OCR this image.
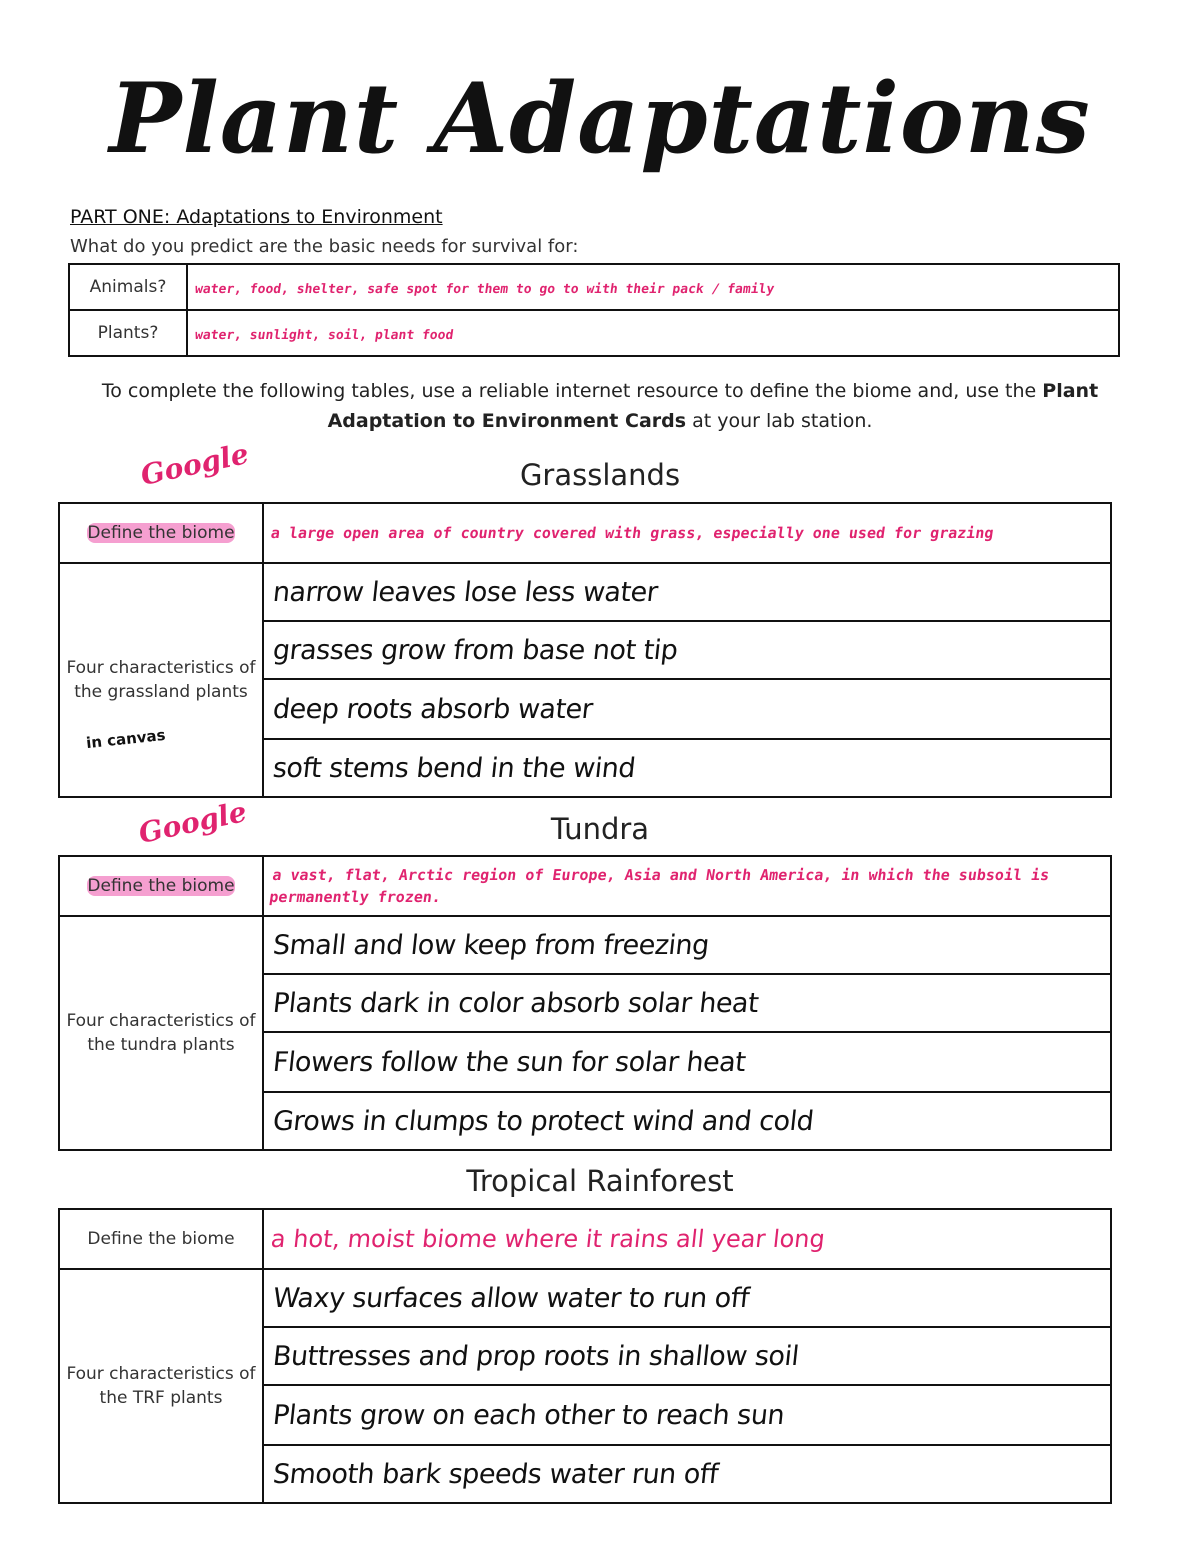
Plant Adaptations
PART ONE: Adaptations to Environment
What do you predict are the basic needs for survival for:
Animals?	water, food, shelter, safe spot for them to go to with their pack / family
Plants?	water, sunlight, soil, plant food
To complete the following tables, use a reliable internet resource to define the biome and, use the Plant Adaptation to Environment Cards at your lab station.
Google	Grasslands
Define the biome	a large open area of country covered with grass, especially one used for grazing
Four characteristics of the grassland plants	narrow leaves lose less water
	grasses grow from base not tip
	deep roots absorb water
	soft stems bend in the wind
in canvas
Google	Tundra
Define the biome	a vast, flat, Arctic region of Europe, Asia and North America, in which the subsoil is permanently frozen.
Four characteristics of the tundra plants	Small and low keep from freezing
	Plants dark in color absorb solar heat
	Flowers follow the sun for solar heat
	Grows in clumps to protect wind and cold
Tropical Rainforest
Define the biome	a hot, moist biome where it rains all year long
Four characteristics of the TRF plants	Waxy surfaces allow water to run off
	Buttresses and prop roots in shallow soil
	Plants grow on each other to reach sun
	Smooth bark speeds water run off
